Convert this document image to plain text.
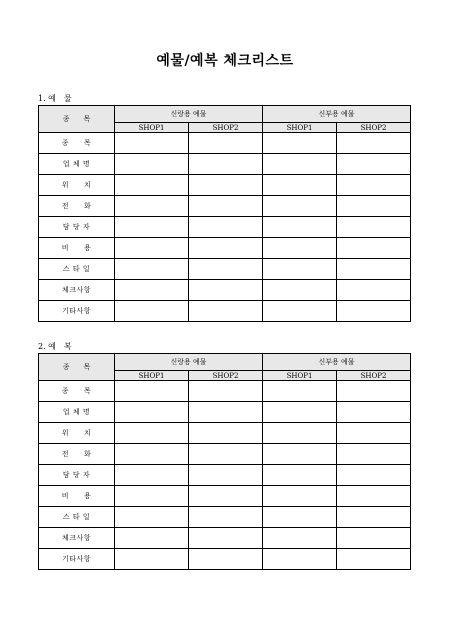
예물/예복 체크리스트
1. 예　물
종　　목	신랑용 예물		신부용 예물	
	SHOP1	SHOP2	SHOP1	SHOP2
종　　목				
업 체 명				
위　　치				
전　　화				
담 당 자				
비　　용				
스 타 일				
체크사항				
기타사항				
2. 예　복
종　　목	신랑용 예물		신부용 예물	
	SHOP1	SHOP2	SHOP1	SHOP2
종　　목				
업 체 명				
위　　치				
전　　화				
담 당 자				
비　　용				
스 타 일				
체크사항				
기타사항				
